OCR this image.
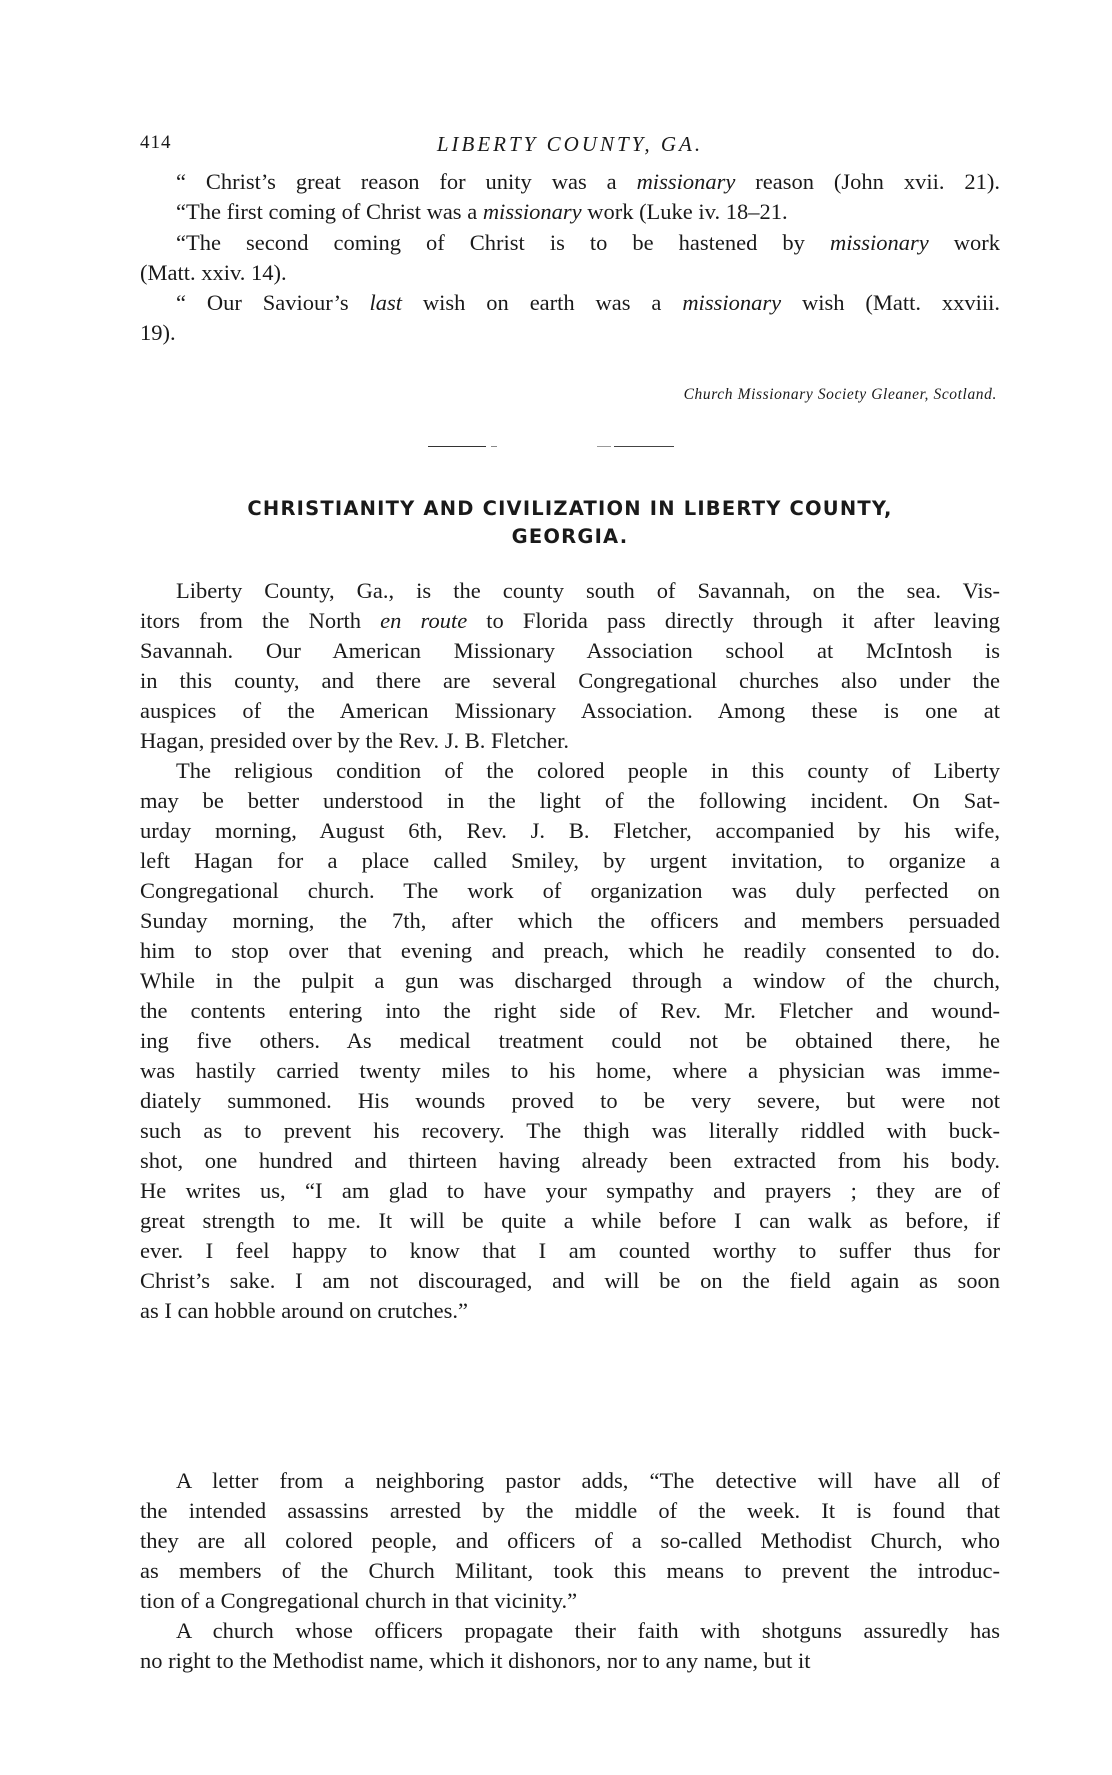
414	LIBERTY COUNTY, GA.
“ Christ’s great reason for unity was a missionary reason (John xvii. 21).
“The first coming of Christ was a missionary work (Luke iv. 18–21.
“The second coming of Christ is to be hastened by missionary work
(Matt. xxiv. 14).
“ Our Saviour’s last wish on earth was a missionary wish (Matt. xxviii.
19).
Church Missionary Society Gleaner, Scotland.
CHRISTIANITY AND CIVILIZATION IN LIBERTY COUNTY,
GEORGIA.
Liberty County, Ga., is the county south of Savannah, on the sea. Vis-
itors from the North en route to Florida pass directly through it after leaving
Savannah. Our American Missionary Association school at McIntosh is
in this county, and there are several Congregational churches also under the
auspices of the American Missionary Association. Among these is one at
Hagan, presided over by the Rev. J. B. Fletcher.
The religious condition of the colored people in this county of Liberty
may be better understood in the light of the following incident. On Sat-
urday morning, August 6th, Rev. J. B. Fletcher, accompanied by his wife,
left Hagan for a place called Smiley, by urgent invitation, to organize a
Congregational church. The work of organization was duly perfected on
Sunday morning, the 7th, after which the officers and members persuaded
him to stop over that evening and preach, which he readily consented to do.
While in the pulpit a gun was discharged through a window of the church,
the contents entering into the right side of Rev. Mr. Fletcher and wound-
ing five others. As medical treatment could not be obtained there, he
was hastily carried twenty miles to his home, where a physician was imme-
diately summoned. His wounds proved to be very severe, but were not
such as to prevent his recovery. The thigh was literally riddled with buck-
shot, one hundred and thirteen having already been extracted from his body.
He writes us, “I am glad to have your sympathy and prayers ; they are of
great strength to me. It will be quite a while before I can walk as before, if
ever. I feel happy to know that I am counted worthy to suffer thus for
Christ’s sake. I am not discouraged, and will be on the field again as soon
as I can hobble around on crutches.”
A letter from a neighboring pastor adds, “The detective will have all of
the intended assassins arrested by the middle of the week. It is found that
they are all colored people, and officers of a so-called Methodist Church, who
as members of the Church Militant, took this means to prevent the introduc-
tion of a Congregational church in that vicinity.”
A church whose officers propagate their faith with shotguns assuredly has
no right to the Methodist name, which it dishonors, nor to any name, but it
